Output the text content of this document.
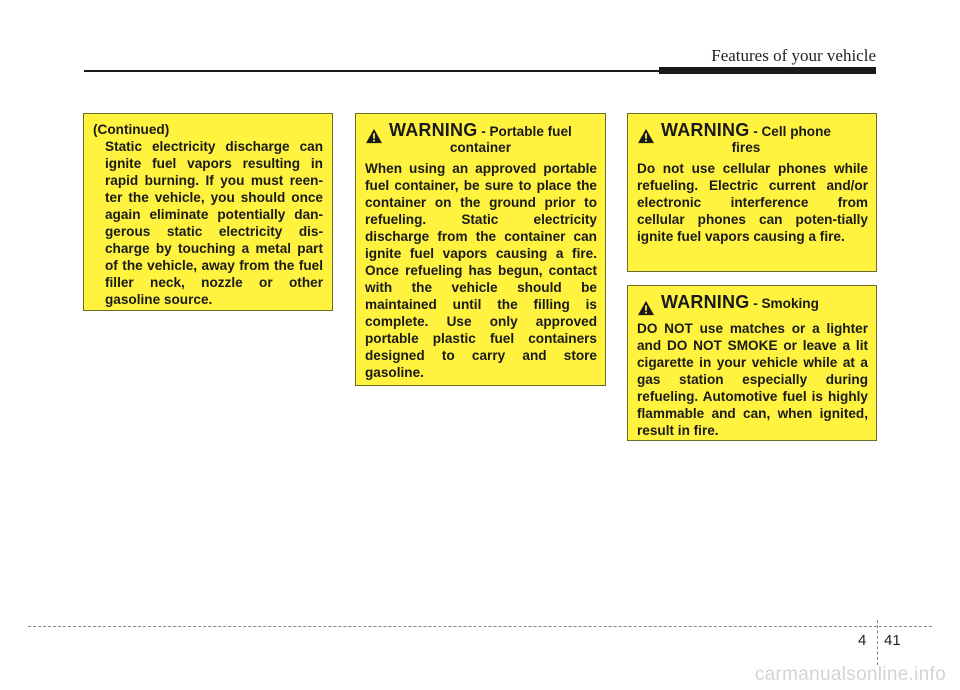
Features of your vehicle

(Continued)

Static electricity discharge can ignite fuel vapors resulting in rapid burning. If you must reen-ter the vehicle, you should once again eliminate potentially dan-gerous static electricity dis-charge by touching a metal part of the vehicle, away from the fuel filler neck, nozzle or other gasoline source.

WARNING - Portable fuel
container

When using an approved portable fuel container, be sure to place the container on the ground prior to refueling. Static electricity discharge from the container can ignite fuel vapors causing a fire. Once refueling has begun, contact with the vehicle should be maintained until the filling is complete. Use only approved portable plastic fuel containers designed to carry and store gasoline.

WARNING - Cell phone
fires

Do not use cellular phones while refueling. Electric current and/or electronic interference from cellular phones can poten-tially ignite fuel vapors causing a fire.

WARNING - Smoking

DO NOT use matches or a lighter and DO NOT SMOKE or leave a lit cigarette in your vehicle while at a gas station especially during refueling. Automotive fuel is highly flammable and can, when ignited, result in fire.

4 41
carmanualsonline.info
